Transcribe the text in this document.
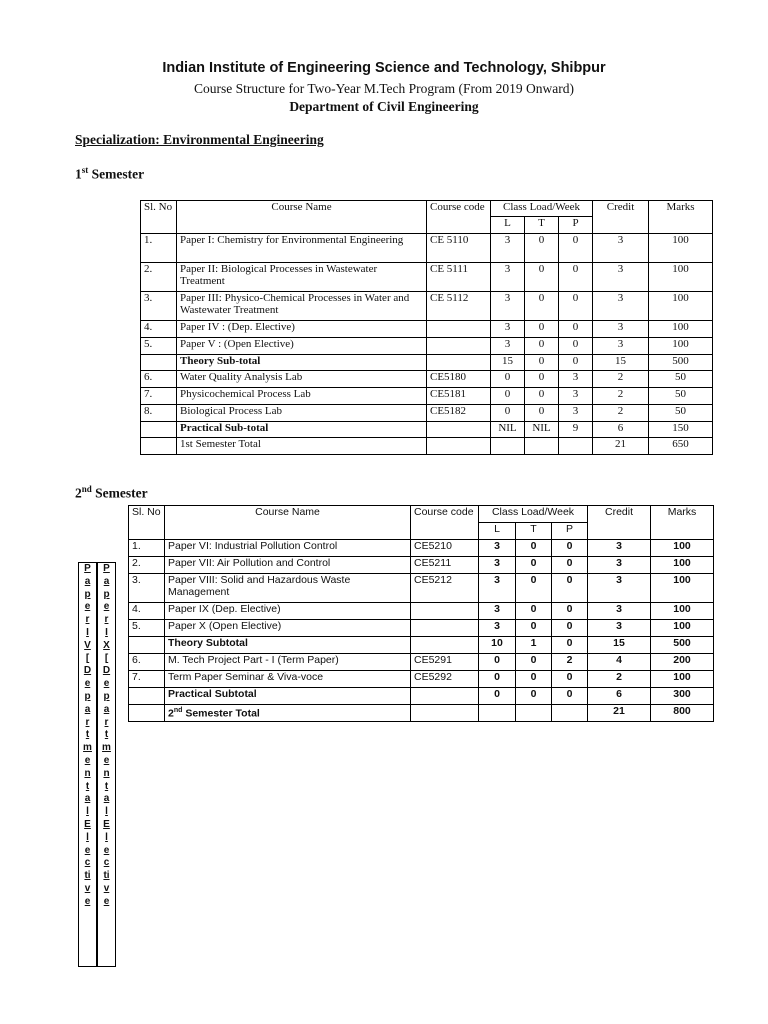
Indian Institute of Engineering Science and Technology, Shibpur
Course Structure for Two-Year M.Tech Program (From 2019 Onward)
Department of Civil Engineering
Specialization: Environmental Engineering
1st Semester
Sl. No	Course Name	Course code	Class Load/Week			Credit	Marks
			L	T	P		
1.	Paper I: Chemistry for Environmental Engineering	CE 5110	3	0	0	3	100
2.	Paper II: Biological Processes in Wastewater Treatment	CE 5111	3	0	0	3	100
3.	Paper III: Physico-Chemical Processes in Water and Wastewater Treatment	CE 5112	3	0	0	3	100
4.	Paper IV : (Dep. Elective)		3	0	0	3	100
5.	Paper V : (Open Elective)		3	0	0	3	100
	Theory Sub-total		15	0	0	15	500
6.	Water Quality Analysis Lab	CE5180	0	0	3	2	50
7.	Physicochemical Process Lab	CE5181	0	0	3	2	50
8.	Biological Process Lab	CE5182	0	0	3	2	50
	Practical Sub-total		NIL	NIL	9	6	150
	1st Semester Total					21	650
2nd Semester
Sl. No	Course Name	Course code	Class Load/Week			Credit	Marks
			L	T	P		
1.	Paper VI: Industrial Pollution Control	CE5210	3	0	0	3	100
2.	Paper VII: Air Pollution and Control	CE5211	3	0	0	3	100
3.	Paper VIII: Solid and Hazardous Waste Management	CE5212	3	0	0	3	100
4.	Paper IX (Dep. Elective)		3	0	0	3	100
5.	Paper X (Open Elective)		3	0	0	3	100
	Theory Subtotal		10	1	0	15	500
6.	M. Tech Project Part - I (Term Paper)	CE5291	0	0	2	4	200
7.	Term Paper Seminar & Viva-voce	CE5292	0	0	0	2	100
	Practical Subtotal		0	0	0	6	300
	2nd Semester Total					21	800
P
a
p
e
r
I
V
[
D
e
p
a
r
t
m
e
n
t
a
l
E
l
e
c
ti
v
e
P
a
p
e
r
I
X
[
D
e
p
a
r
t
m
e
n
t
a
l
E
l
e
c
ti
v
e
